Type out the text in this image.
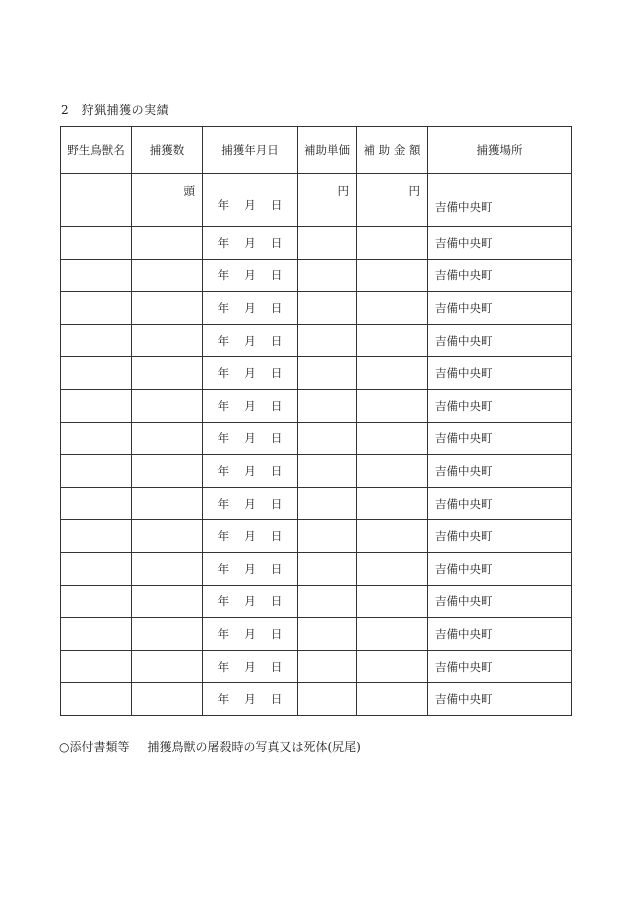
2　狩猟捕獲の実績
野生鳥獣名	捕獲数	捕獲年月日	補助単価	補 助 金 額	捕獲場所

	頭	年　 月　 日	円	円	吉備中央町
		年　 月　 日			吉備中央町
		年　 月　 日			吉備中央町
		年　 月　 日			吉備中央町
		年　 月　 日			吉備中央町
		年　 月　 日			吉備中央町
		年　 月　 日			吉備中央町
		年　 月　 日			吉備中央町
		年　 月　 日			吉備中央町
		年　 月　 日			吉備中央町
		年　 月　 日			吉備中央町
		年　 月　 日			吉備中央町
		年　 月　 日			吉備中央町
		年　 月　 日			吉備中央町
		年　 月　 日			吉備中央町
		年　 月　 日			吉備中央町
○添付書類等 捕獲鳥獣の屠殺時の写真又は死体(尻尾)
